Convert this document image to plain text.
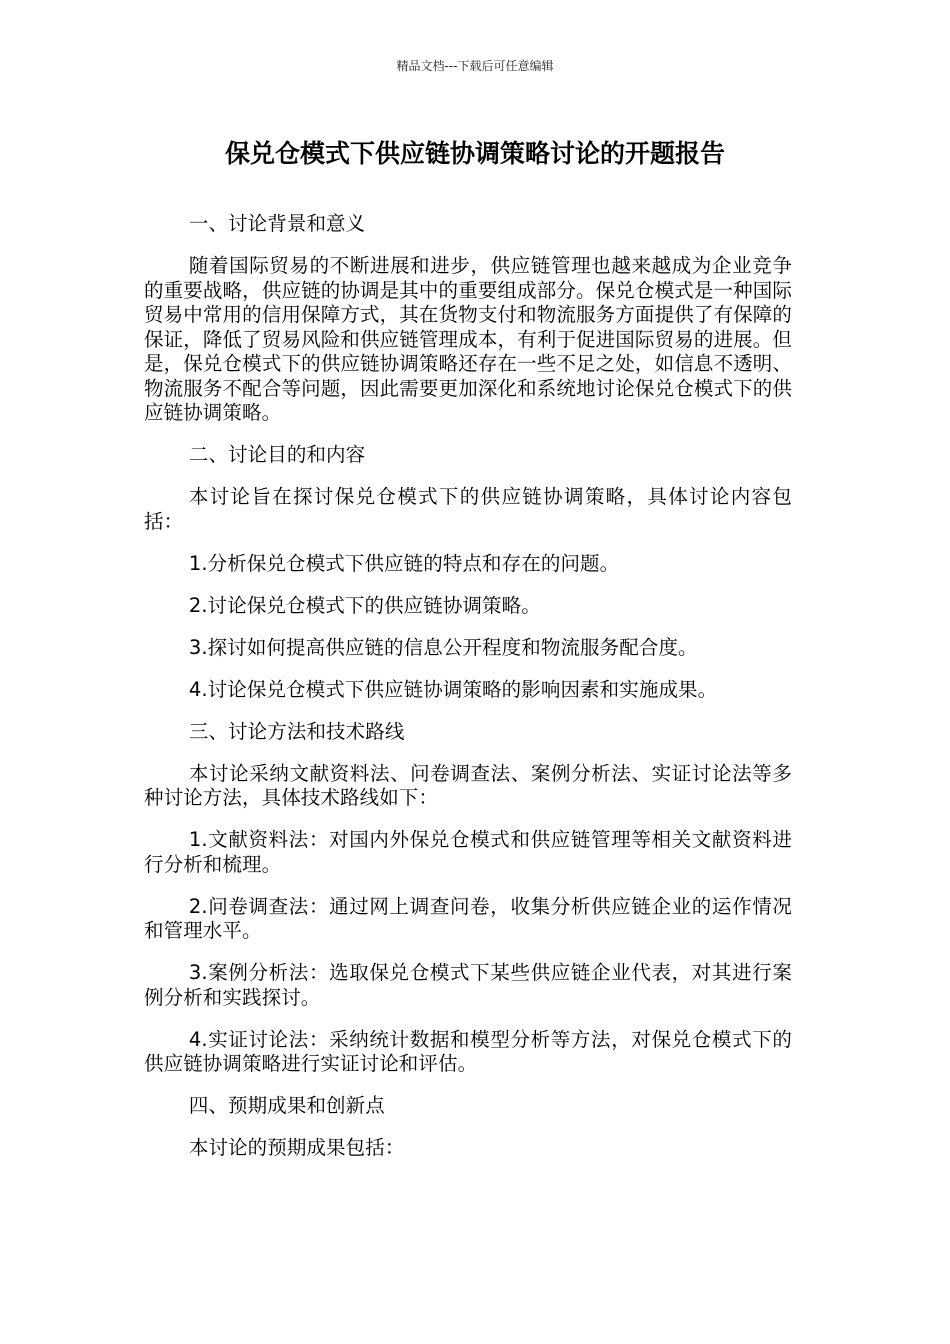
精品文档---下载后可任意编辑
保兑仓模式下供应链协调策略讨论的开题报告

一、讨论背景和意义

随着国际贸易的不断进展和进步，供应链管理也越来越成为企业竞争的重要战略，供应链的协调是其中的重要组成部分。保兑仓模式是一种国际贸易中常用的信用保障方式，其在货物支付和物流服务方面提供了有保障的保证，降低了贸易风险和供应链管理成本，有利于促进国际贸易的进展。但是，保兑仓模式下的供应链协调策略还存在一些不足之处，如信息不透明、物流服务不配合等问题，因此需要更加深化和系统地讨论保兑仓模式下的供应链协调策略。

二、讨论目的和内容

本讨论旨在探讨保兑仓模式下的供应链协调策略，具体讨论内容包括：

1.分析保兑仓模式下供应链的特点和存在的问题。

2.讨论保兑仓模式下的供应链协调策略。

3.探讨如何提高供应链的信息公开程度和物流服务配合度。

4.讨论保兑仓模式下供应链协调策略的影响因素和实施成果。

三、讨论方法和技术路线

本讨论采纳文献资料法、问卷调查法、案例分析法、实证讨论法等多种讨论方法，具体技术路线如下：

1.文献资料法：对国内外保兑仓模式和供应链管理等相关文献资料进行分析和梳理。

2.问卷调查法：通过网上调查问卷，收集分析供应链企业的运作情况和管理水平。

3.案例分析法：选取保兑仓模式下某些供应链企业代表，对其进行案例分析和实践探讨。

4.实证讨论法：采纳统计数据和模型分析等方法，对保兑仓模式下的供应链协调策略进行实证讨论和评估。

四、预期成果和创新点

本讨论的预期成果包括：
